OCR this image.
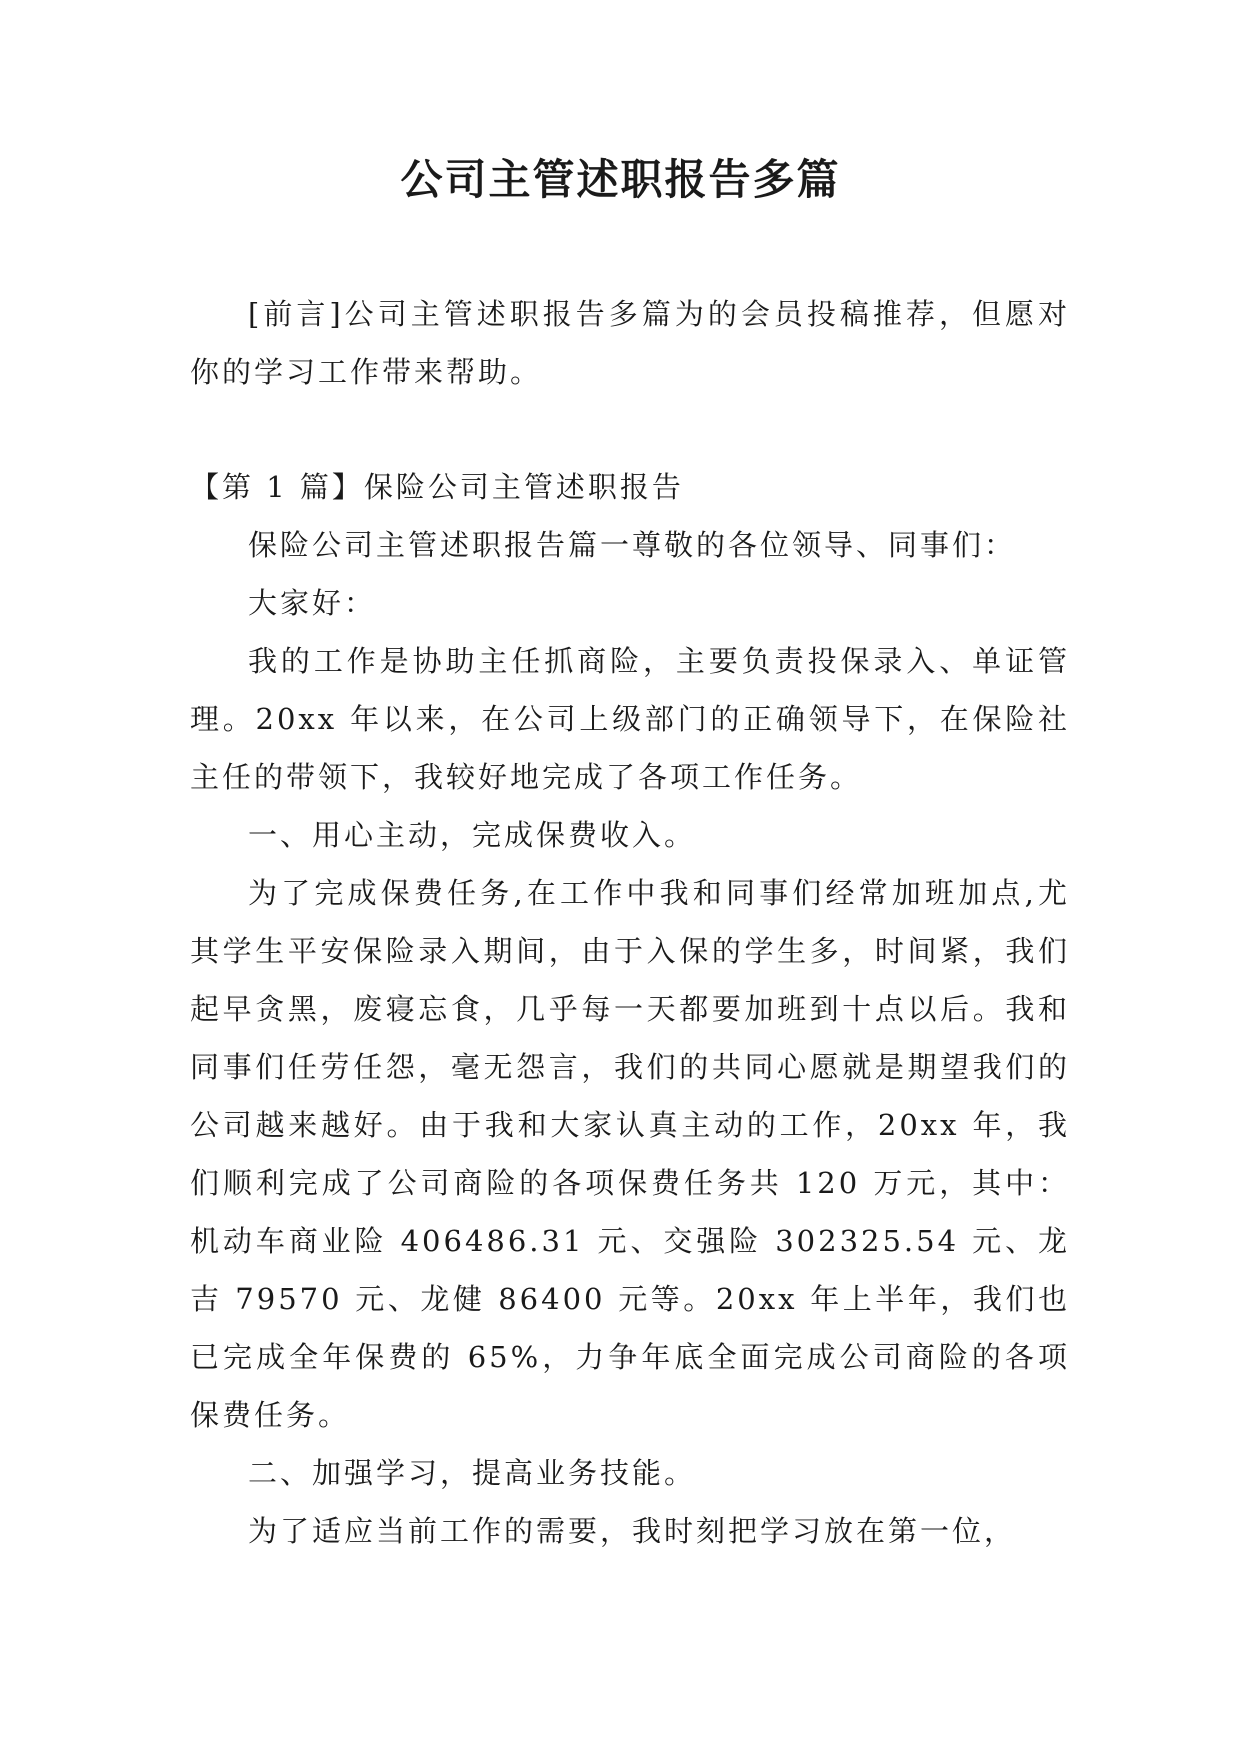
公司主管述职报告多篇

[前言]公司主管述职报告多篇为的会员投稿推荐，但愿对你的学习工作带来帮助。

【第 1 篇】保险公司主管述职报告

保险公司主管述职报告篇一尊敬的各位领导、同事们：

大家好：

我的工作是协助主任抓商险，主要负责投保录入、单证管理。20xx 年以来，在公司上级部门的正确领导下，在保险社主任的带领下，我较好地完成了各项工作任务。

一、用心主动，完成保费收入。

为了完成保费任务,在工作中我和同事们经常加班加点,尤其学生平安保险录入期间，由于入保的学生多，时间紧，我们起早贪黑，废寝忘食，几乎每一天都要加班到十点以后。我和同事们任劳任怨，毫无怨言，我们的共同心愿就是期望我们的公司越来越好。由于我和大家认真主动的工作，20xx 年，我们顺利完成了公司商险的各项保费任务共 120 万元，其中：机动车商业险 406486.31 元、交强险 302325.54 元、龙吉 79570 元、龙健 86400 元等。20xx 年上半年，我们也已完成全年保费的 65%，力争年底全面完成公司商险的各项保费任务。

二、加强学习，提高业务技能。

为了适应当前工作的需要，我时刻把学习放在第一位，
